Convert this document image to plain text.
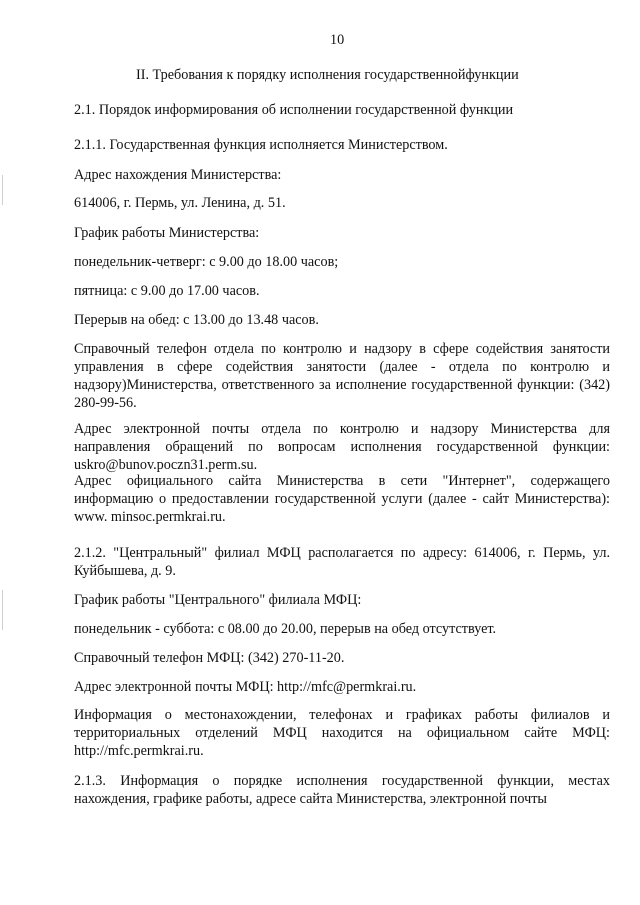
10
II. Требования к порядку исполнения государственнойфункции
2.1. Порядок информирования об исполнении государственной функции
2.1.1. Государственная функция исполняется Министерством.
Адрес нахождения Министерства:
614006, г. Пермь, ул. Ленина, д. 51.
График работы Министерства:
понедельник-четверг: с 9.00 до 18.00 часов;
пятница: с 9.00 до 17.00 часов.
Перерыв на обед: с 13.00 до 13.48 часов.
Справочный телефон отдела по контролю и надзору в сфере содействия занятости управления в сфере содействия занятости (далее - отдела по контролю и надзору)Министерства, ответственного за исполнение государственной функции: (342) 280-99-56.
Адрес электронной почты отдела по контролю и надзору Министерства для направления обращений по вопросам исполнения государственной функции: uskro@bunov.poczn31.perm.su.
Адрес официального сайта Министерства в сети "Интернет", содержащего информацию о предоставлении государственной услуги (далее - сайт Министерства): www. minsoc.permkrai.ru.
2.1.2. "Центральный" филиал МФЦ располагается по адресу: 614006, г. Пермь, ул. Куйбышева, д. 9.
График работы "Центрального" филиала МФЦ:
понедельник - суббота: с 08.00 до 20.00, перерыв на обед отсутствует.
Справочный телефон МФЦ: (342) 270-11-20.
Адрес электронной почты МФЦ: http://mfc@permkrai.ru.
Информация о местонахождении, телефонах и графиках работы филиалов и территориальных отделений МФЦ находится на официальном сайте МФЦ: http://mfc.permkrai.ru.
2.1.3. Информация о порядке исполнения государственной функции, местах нахождения, графике работы, адресе сайта Министерства, электронной почты
